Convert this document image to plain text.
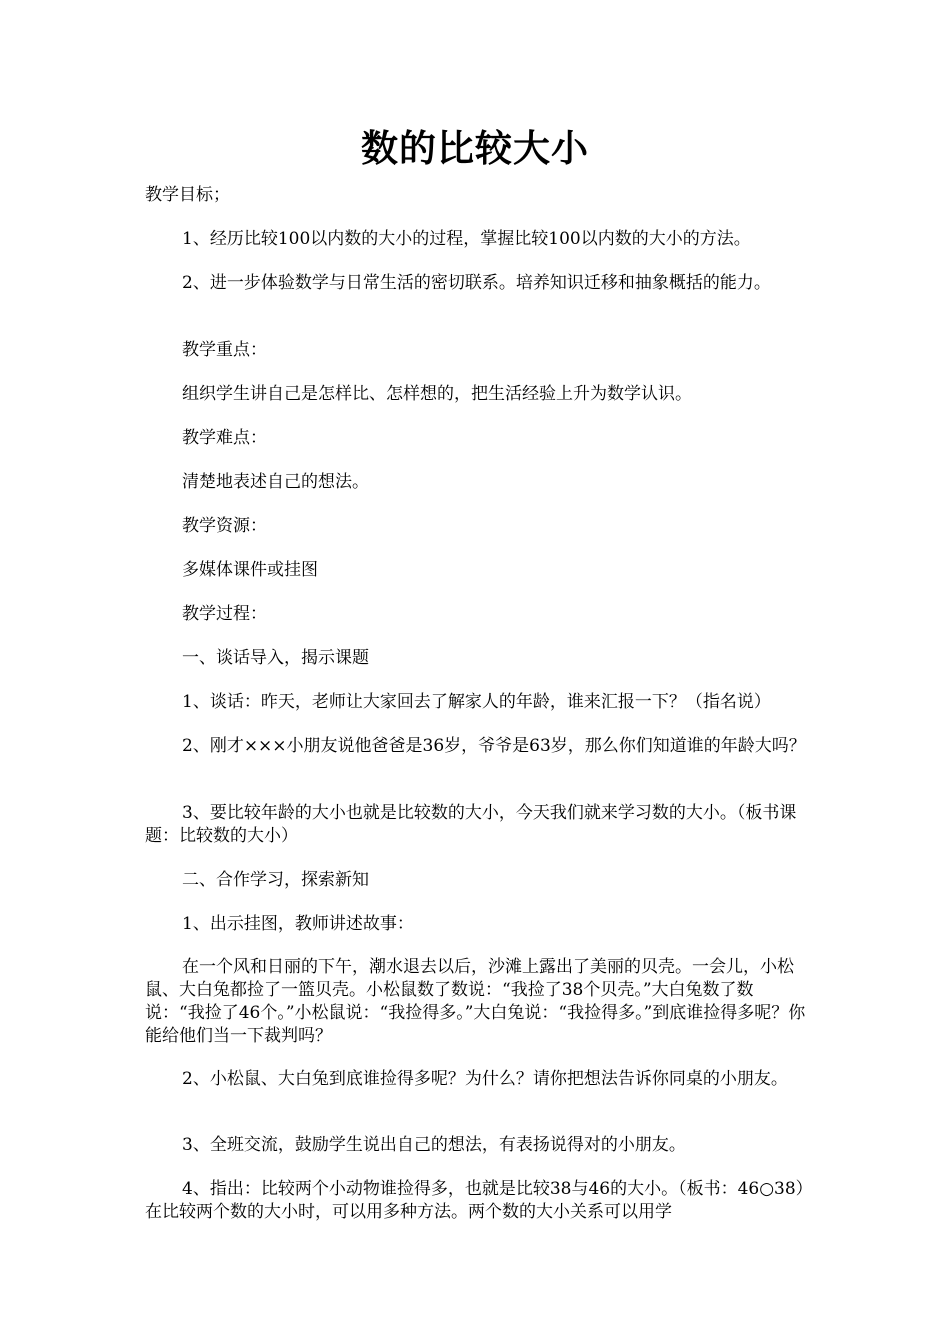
数的比较大小

教学目标；

1、经历比较100以内数的大小的过程，掌握比较100以内数的大小的方法。

2、进一步体验数学与日常生活的密切联系。培养知识迁移和抽象概括的能力。

教学重点：

组织学生讲自己是怎样比、怎样想的，把生活经验上升为数学认识。

教学难点：

清楚地表述自己的想法。

教学资源：

多媒体课件或挂图

教学过程：

一、谈话导入，揭示课题

1、谈话：昨天，老师让大家回去了解家人的年龄，谁来汇报一下？（指名说）

2、刚才×××小朋友说他爸爸是36岁，爷爷是63岁，那么你们知道谁的年龄大吗？

3、要比较年龄的大小也就是比较数的大小，今天我们就来学习数的大小。（板书课题：比较数的大小）

二、合作学习，探索新知

1、出示挂图，教师讲述故事：

在一个风和日丽的下午，潮水退去以后，沙滩上露出了美丽的贝壳。一会儿，小松鼠、大白兔都捡了一篮贝壳。小松鼠数了数说：“我捡了38个贝壳。”大白兔数了数说：“我捡了46个。”小松鼠说：“我捡得多。”大白兔说：“我捡得多。”到底谁捡得多呢？你能给他们当一下裁判吗？

2、小松鼠、大白兔到底谁捡得多呢？为什么？请你把想法告诉你同桌的小朋友。

3、全班交流，鼓励学生说出自己的想法，有表扬说得对的小朋友。

4、指出：比较两个小动物谁捡得多，也就是比较38与46的大小。（板书：46○38）在比较两个数的大小时，可以用多种方法。两个数的大小关系可以用学
